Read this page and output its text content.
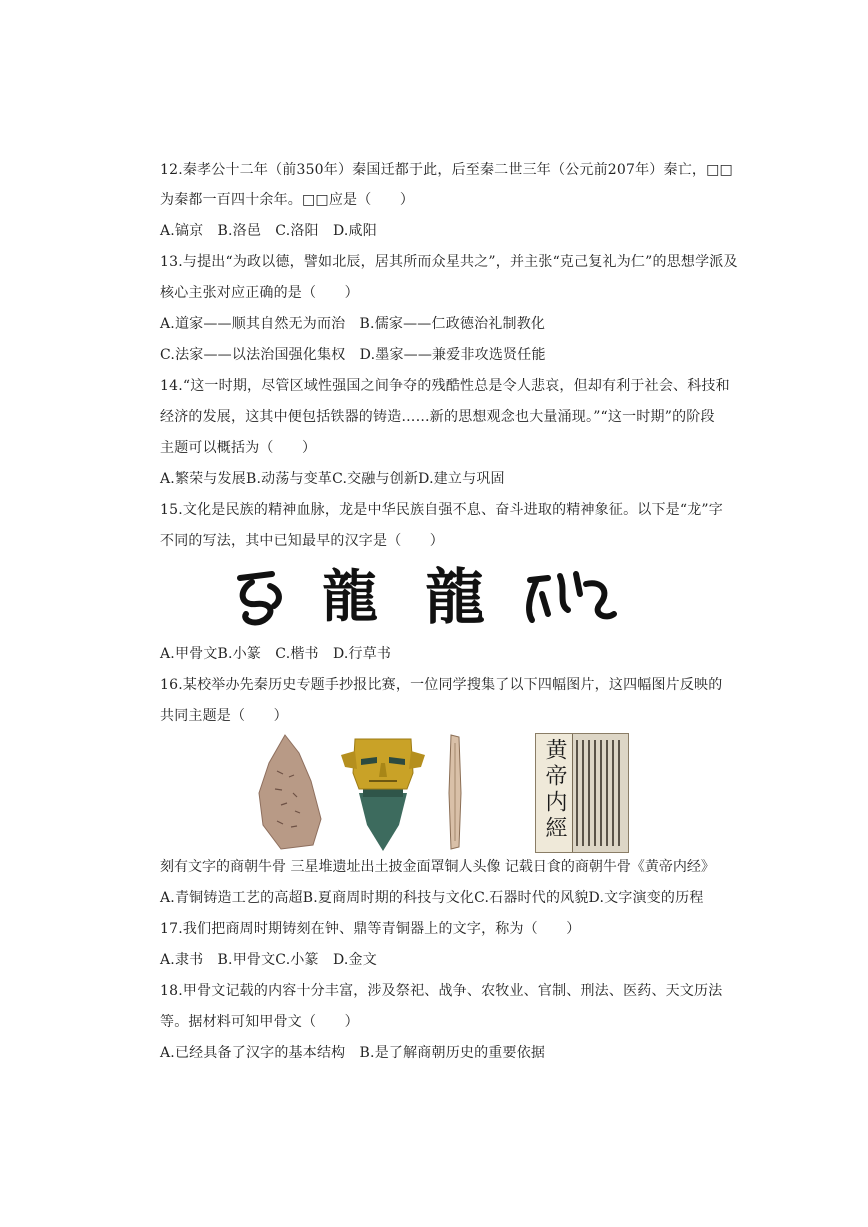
12.秦孝公十二年（前350年）秦国迁都于此，后至秦二世三年（公元前207年）秦亡，□□
为秦都一百四十余年。□□应是（　　）
A.镐京　B.洛邑　C.洛阳　D.咸阳
13.与提出“为政以德，譬如北辰，居其所而众星共之”，并主张“克己复礼为仁”的思想学派及
核心主张对应正确的是（　　）
A.道家——顺其自然无为而治　B.儒家——仁政德治礼制教化
C.法家——以法治国强化集权　D.墨家——兼爱非攻选贤任能
14.“这一时期，尽管区域性强国之间争夺的残酷性总是令人悲哀，但却有利于社会、科技和
经济的发展，这其中便包括铁器的铸造……新的思想观念也大量涌现。”“这一时期”的阶段
主题可以概括为（　　）
A.繁荣与发展B.动荡与变革C.交融与创新D.建立与巩固
15.文化是民族的精神血脉，龙是中华民族自强不息、奋斗进取的精神象征。以下是“龙”字
不同的写法，其中已知最早的汉字是（　　）
龍 龍
A.甲骨文B.小篆　C.楷书　D.行草书
16.某校举办先秦历史专题手抄报比赛，一位同学搜集了以下四幅图片，这四幅图片反映的
共同主题是（　　）
黄帝内經
刻有文字的商朝牛骨 三星堆遗址出土披金面罩铜人头像 记载日食的商朝牛骨《黄帝内经》
A.青铜铸造工艺的高超B.夏商周时期的科技与文化C.石器时代的风貌D.文字演变的历程
17.我们把商周时期铸刻在钟、鼎等青铜器上的文字，称为（　　）
A.隶书　B.甲骨文C.小篆　D.金文
18.甲骨文记载的内容十分丰富，涉及祭祀、战争、农牧业、官制、刑法、医药、天文历法
等。据材料可知甲骨文（　　）
A.已经具备了汉字的基本结构　B.是了解商朝历史的重要依据
